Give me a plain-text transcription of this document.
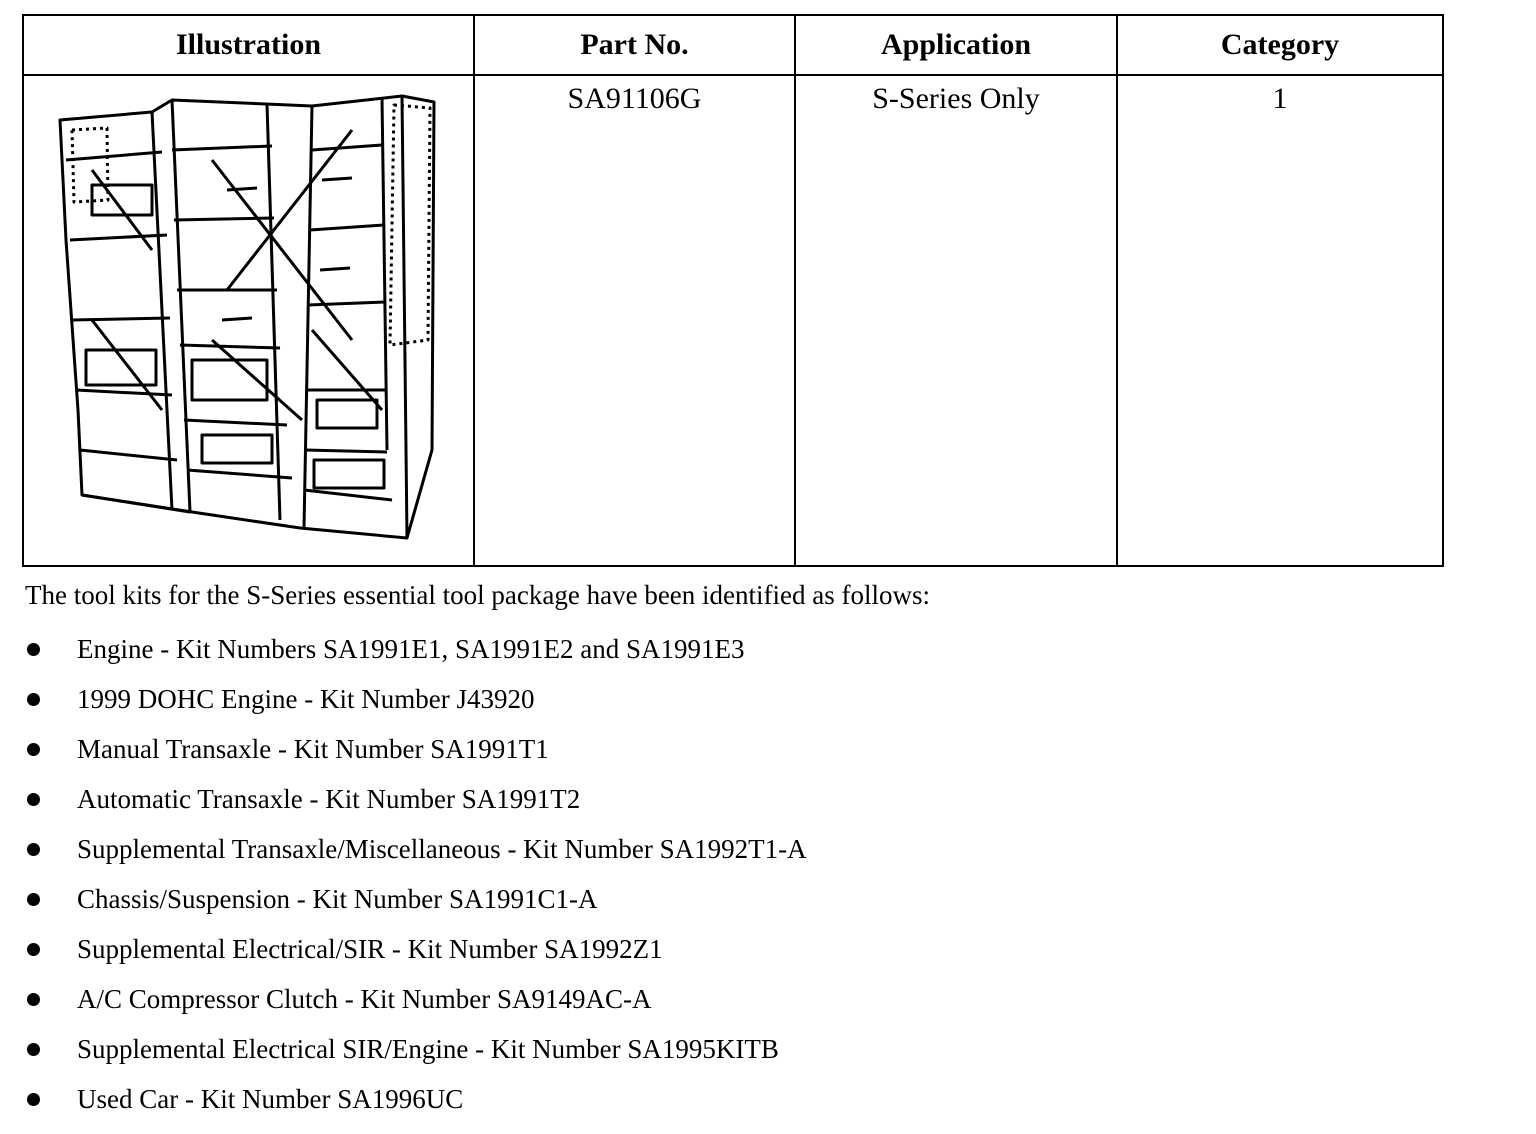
Illustration	Part No.	Application	Category

	SA91106G	S-Series Only	1

The tool kits for the S-Series essential tool package have been identified as follows:

Engine - Kit Numbers SA1991E1, SA1991E2 and SA1991E3
1999 DOHC Engine - Kit Number J43920
Manual Transaxle - Kit Number SA1991T1
Automatic Transaxle - Kit Number SA1991T2
Supplemental Transaxle/Miscellaneous - Kit Number SA1992T1-A
Chassis/Suspension - Kit Number SA1991C1-A
Supplemental Electrical/SIR - Kit Number SA1992Z1
A/C Compressor Clutch - Kit Number SA9149AC-A
Supplemental Electrical SIR/Engine - Kit Number SA1995KITB
Used Car - Kit Number SA1996UC
